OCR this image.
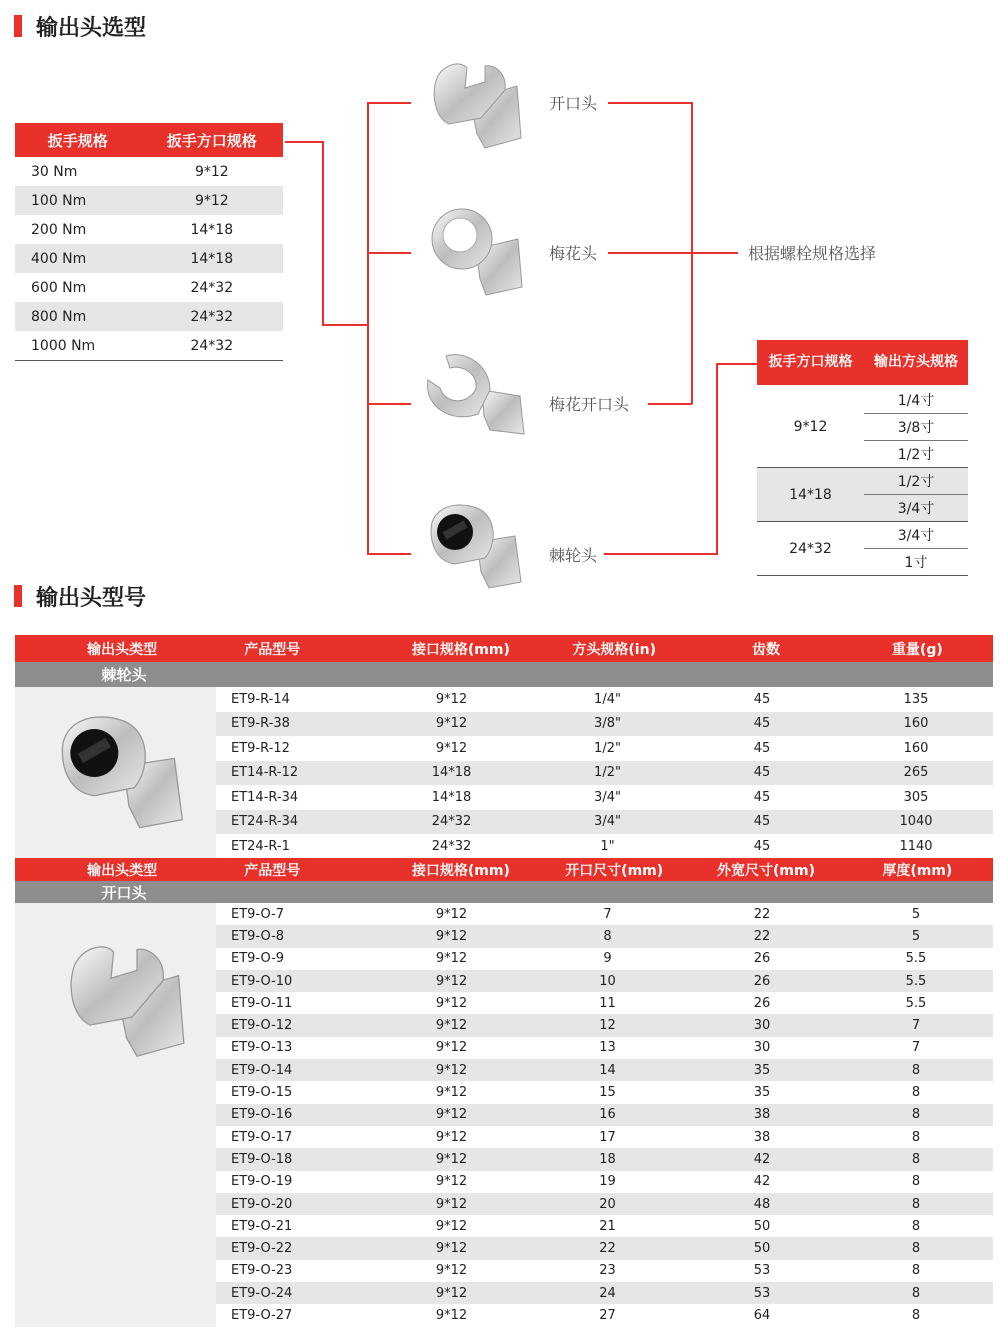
输出头选型
扳手规格	扳手方口规格
30 Nm	9*12
100 Nm	9*12
200 Nm	14*18
400 Nm	14*18
600 Nm	24*32
800 Nm	24*32
1000 Nm	24*32
开口头
梅花头
梅花开口头
棘轮头
根据螺栓规格选择
扳手方口规格	输出方头规格
9*12
1/4寸
3/8寸
1/2寸
14*18
1/2寸
3/4寸
24*32
3/4寸
1寸
输出头型号
输出头类型	产品型号	接口规格(mm)	方头规格(in)	齿数	重量(g)
棘轮头
ET9-R-14	9*12	1/4"	45	135
ET9-R-38	9*12	3/8"	45	160
ET9-R-12	9*12	1/2"	45	160
ET14-R-12	14*18	1/2"	45	265
ET14-R-34	14*18	3/4"	45	305
ET24-R-34	24*32	3/4"	45	1040
ET24-R-1	24*32	1"	45	1140
输出头类型	产品型号	接口规格(mm)	开口尺寸(mm)	外宽尺寸(mm)	厚度(mm)
开口头
ET9-O-7	9*12	7	22	5
ET9-O-8	9*12	8	22	5
ET9-O-9	9*12	9	26	5.5
ET9-O-10	9*12	10	26	5.5
ET9-O-11	9*12	11	26	5.5
ET9-O-12	9*12	12	30	7
ET9-O-13	9*12	13	30	7
ET9-O-14	9*12	14	35	8
ET9-O-15	9*12	15	35	8
ET9-O-16	9*12	16	38	8
ET9-O-17	9*12	17	38	8
ET9-O-18	9*12	18	42	8
ET9-O-19	9*12	19	42	8
ET9-O-20	9*12	20	48	8
ET9-O-21	9*12	21	50	8
ET9-O-22	9*12	22	50	8
ET9-O-23	9*12	23	53	8
ET9-O-24	9*12	24	53	8
ET9-O-27	9*12	27	64	8
